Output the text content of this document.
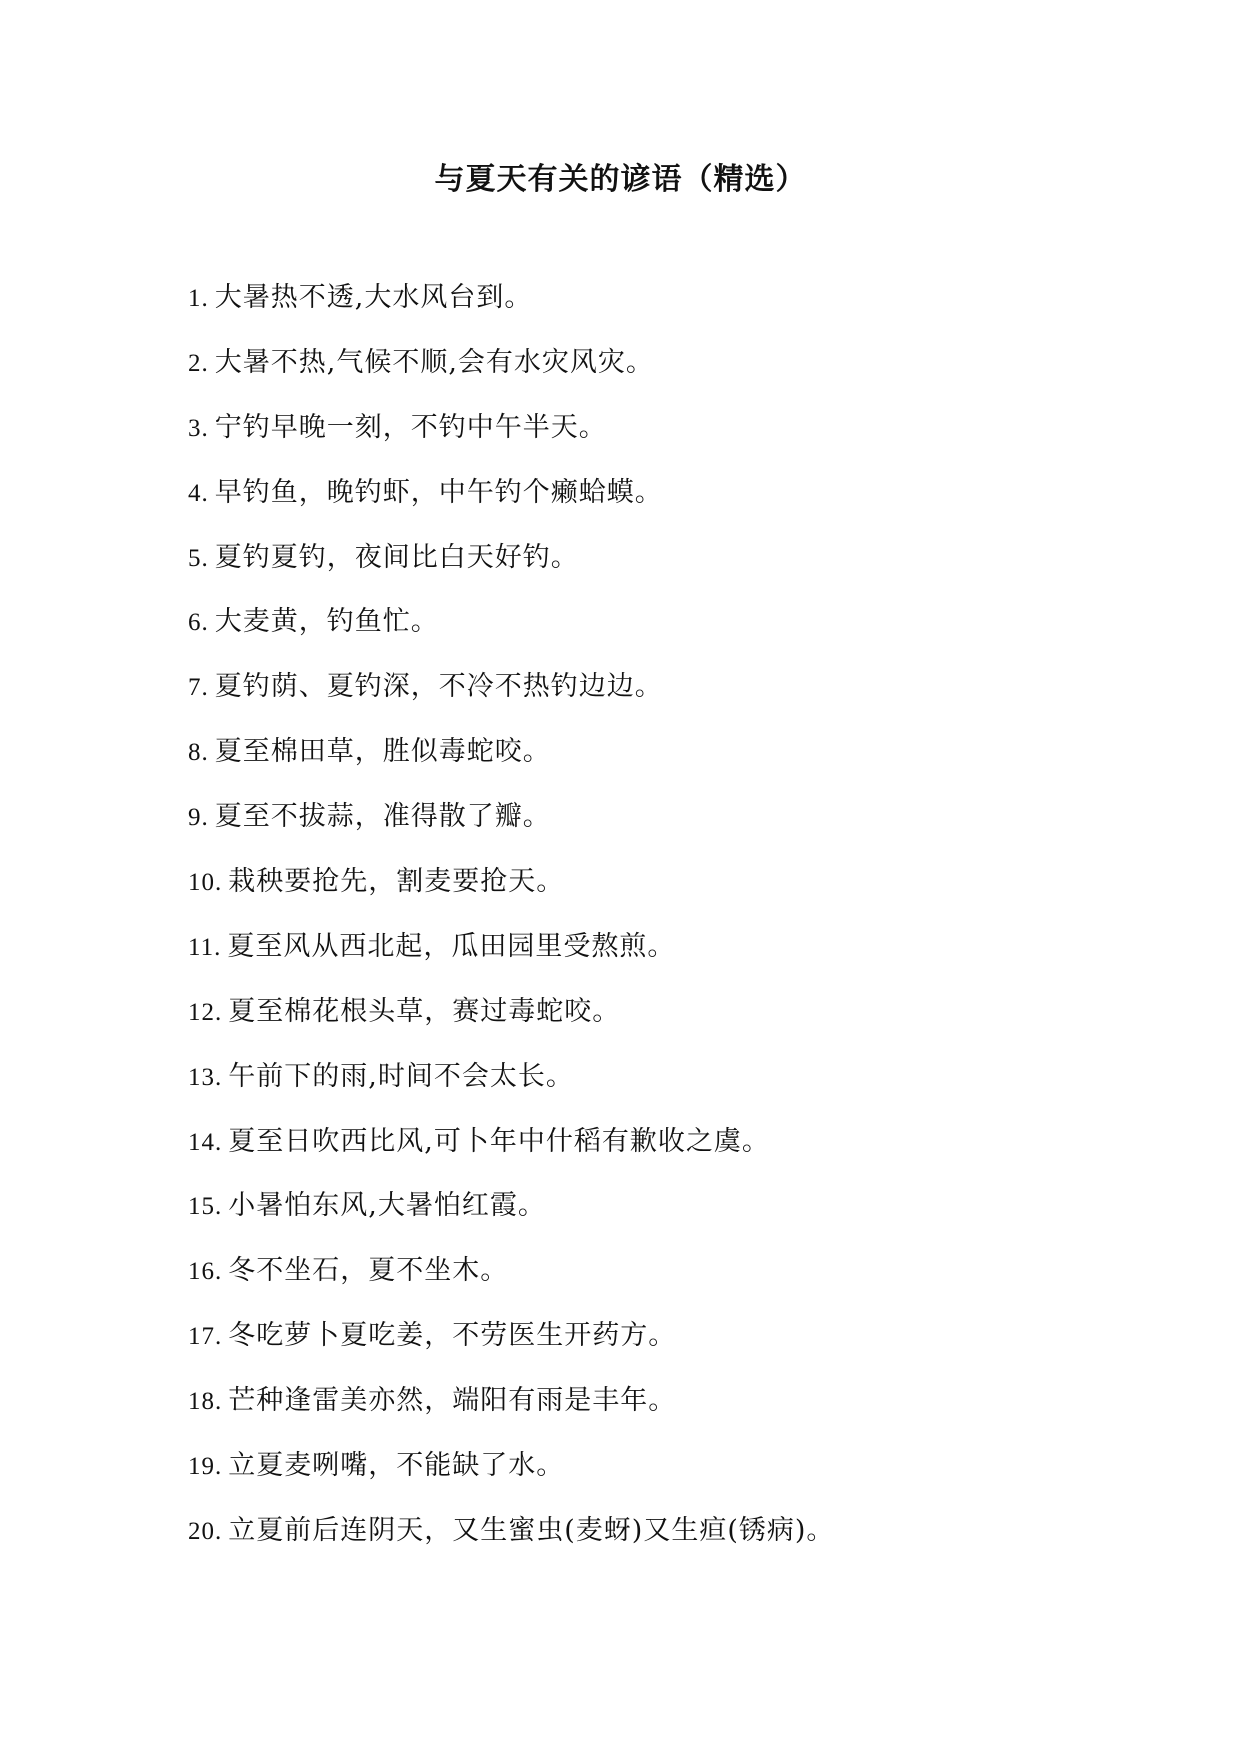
与夏天有关的谚语（精选）
1. 大暑热不透,大水风台到。
2. 大暑不热,气候不顺,会有水灾风灾。
3. 宁钓早晚一刻，不钓中午半天。
4. 早钓鱼，晚钓虾，中午钓个癞蛤蟆。
5. 夏钓夏钓，夜间比白天好钓。
6. 大麦黄，钓鱼忙。
7. 夏钓荫、夏钓深，不冷不热钓边边。
8. 夏至棉田草，胜似毒蛇咬。
9. 夏至不拔蒜，准得散了瓣。
10. 栽秧要抢先，割麦要抢天。
11. 夏至风从西北起，瓜田园里受熬煎。
12. 夏至棉花根头草，赛过毒蛇咬。
13. 午前下的雨,时间不会太长。
14. 夏至日吹西比风,可卜年中什稻有歉收之虞。
15. 小暑怕东风,大暑怕红霞。
16. 冬不坐石，夏不坐木。
17. 冬吃萝卜夏吃姜，不劳医生开药方。
18. 芒种逢雷美亦然，端阳有雨是丰年。
19. 立夏麦咧嘴，不能缺了水。
20. 立夏前后连阴天，又生蜜虫(麦蚜)又生疸(锈病)。
